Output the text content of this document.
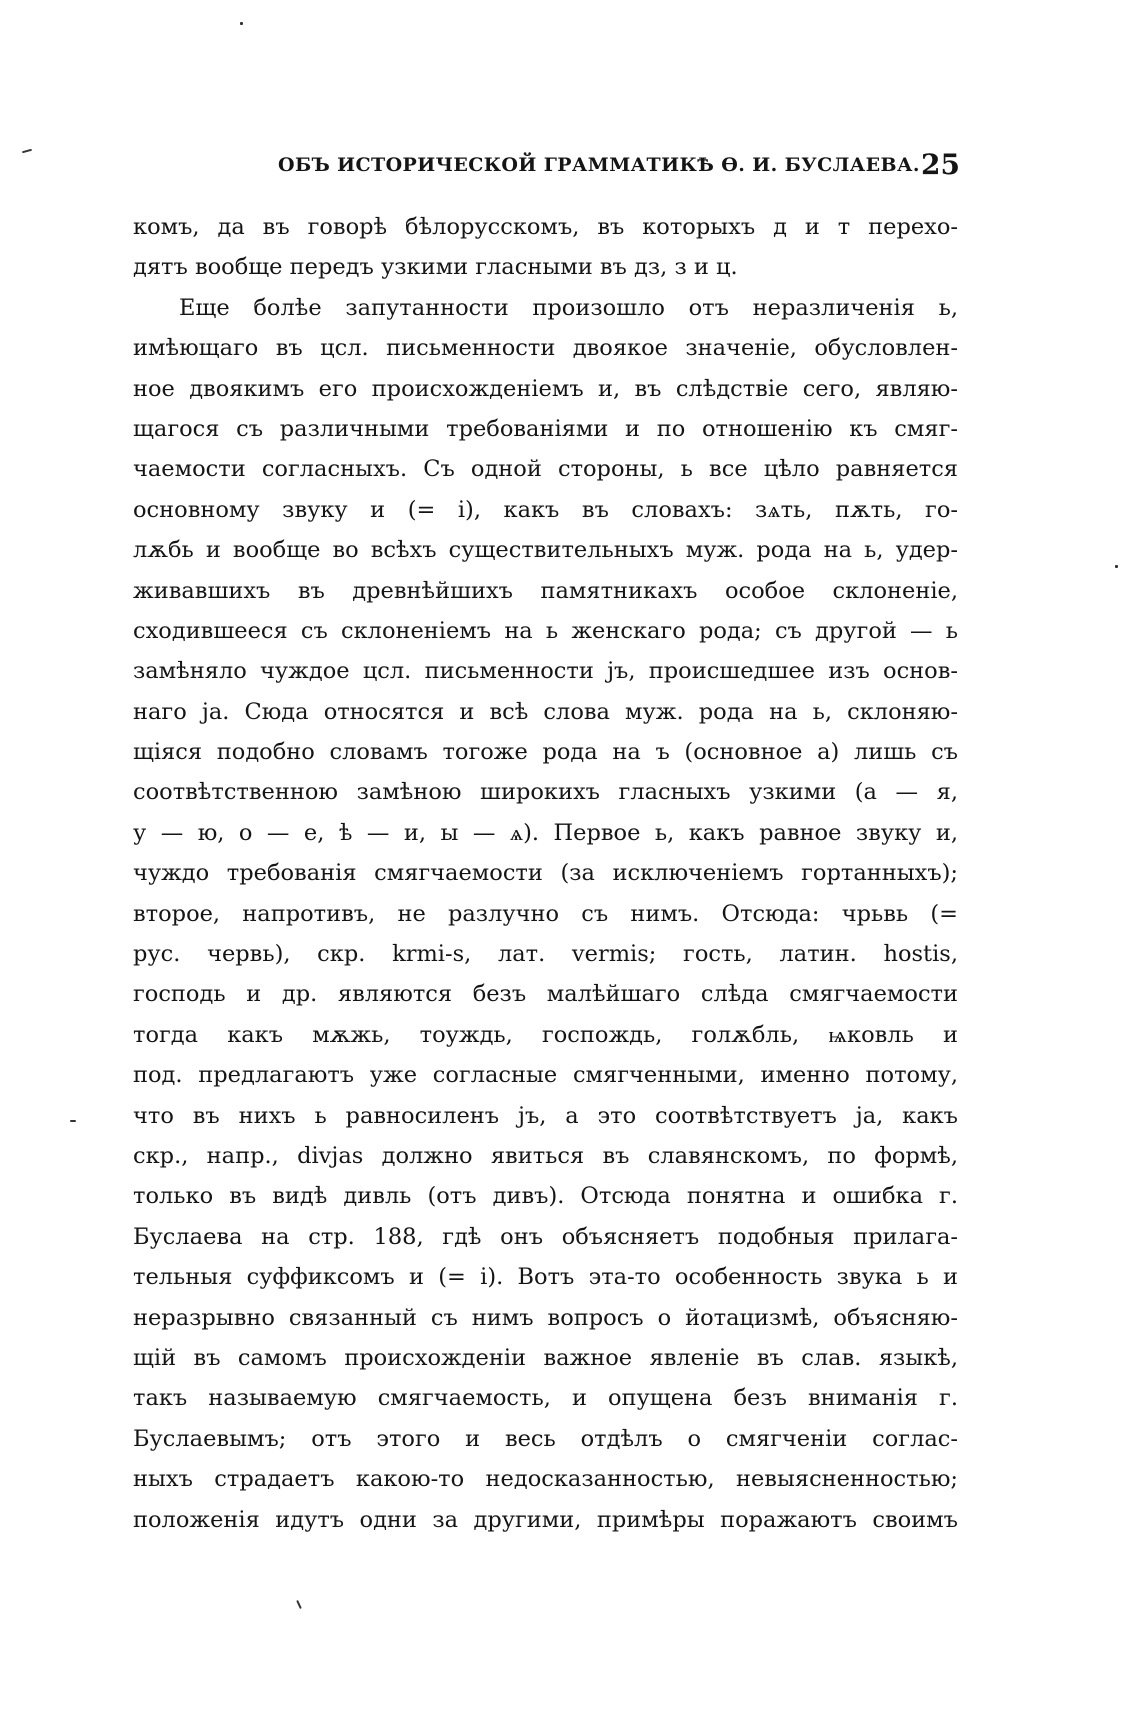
ОБЪ ИСТОРИЧЕСКОЙ ГРАММАТИКѢ Ѳ. И. БУСЛАЕВА. 25
комъ, да въ говорѣ бѣлорусскомъ, въ которыхъ д и т перехо-
дятъ вообще передъ узкими гласными въ дз, з и ц.
Еще болѣе запутанности произошло отъ неразличенія ь,
имѣющаго въ цсл. письменности двоякое значеніе, обусловлен-
ное двоякимъ его происхожденіемъ и, въ слѣдствіе сего, являю-
щагося съ различными требованіями и по отношенію къ смяг-
чаемости согласныхъ. Съ одной стороны, ь все цѣло равняется
основному звуку и (= i), какъ въ словахъ: зѧть, пѫть, го-
лѫбь и вообще во всѣхъ существительныхъ муж. рода на ь, удер-
живавшихъ въ древнѣйшихъ памятникахъ особое склоненіе,
сходившееся съ склоненіемъ на ь женскаго рода; съ другой — ь
замѣняло чуждое цсл. письменности jъ, происшедшее изъ основ-
наго ja. Сюда относятся и всѣ слова муж. рода на ь, склоняю-
щіяся подобно словамъ тогоже рода на ъ (основное а) лишь съ
соотвѣтственною замѣною широкихъ гласныхъ узкими (а — я,
у — ю, о — е, ѣ — и, ы — ѧ). Первое ь, какъ равное звуку и,
чуждо требованія смягчаемости (за исключеніемъ гортанныхъ);
второе, напротивъ, не разлучно съ нимъ. Отсюда: чрьвь (=
рус. червь), скр. krmi-s, лат. vermis; гость, латин. hostis,
господь и др. являются безъ малѣйшаго слѣда смягчаемости
тогда какъ мѫжь, тоуждь, госпождь, голѫбль, ѩковль и
под. предлагаютъ уже согласные смягченными, именно потому,
что въ нихъ ь равносиленъ jъ, а это соотвѣтствуетъ ja, какъ
скр., напр., divjas должно явиться въ славянскомъ, по формѣ,
только въ видѣ дивль (отъ дивъ). Отсюда понятна и ошибка г.
Буслаева на стр. 188, гдѣ онъ объясняетъ подобныя прилага-
тельныя суффиксомъ и (= i). Вотъ эта-то особенность звука ь и
неразрывно связанный съ нимъ вопросъ о йотацизмѣ, объясняю-
щій въ самомъ происхожденіи важное явленіе въ слав. языкѣ,
такъ называемую смягчаемость, и опущена безъ вниманія г.
Буслаевымъ; отъ этого и весь отдѣлъ о смягченіи соглас-
ныхъ страдаетъ какою-то недосказанностью, невыясненностью;
положенія идутъ одни за другими, примѣры поражаютъ своимъ
